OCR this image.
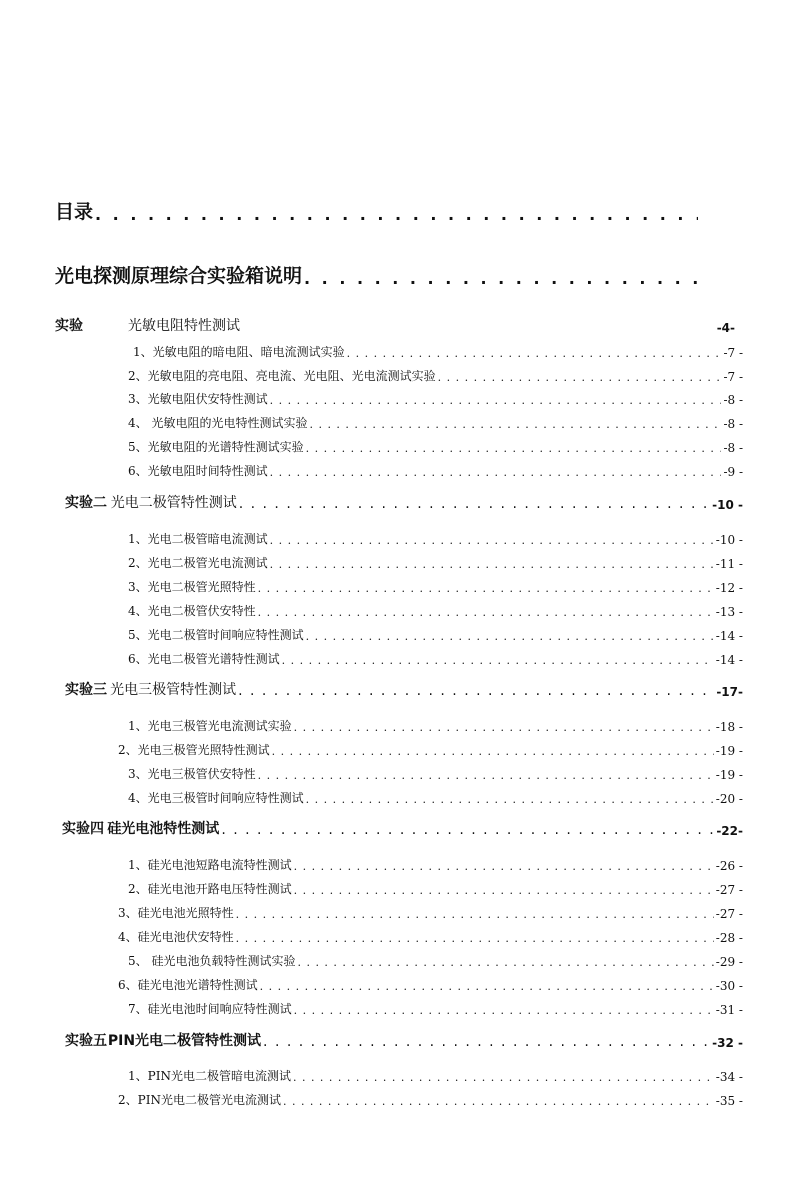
目录
. . .
光电探测原理综合实验箱说明
. . .
实验	光敏电阻特性测试	-4-
1、光敏电阻的暗电阻、暗电流测试实验 . . .	-7 -
2、光敏电阻的亮电阻、亮电流、光电阻、光电流测试实验 . . .	-7 -
3、光敏电阻伏安特性测试 . . .	-8 -
4、 光敏电阻的光电特性测试实验 . . .	-8 -
5、光敏电阻的光谱特性测试实验 . . .	-8 -
6、光敏电阻时间特性测试 . . .	-9 -
实验二 光电二极管特性测试 . . .	-10 -
1、光电二极管暗电流测试 . . .	-10 -
2、光电二极管光电流测试 . . .	-11 -
3、光电二极管光照特性 . . .	-12 -
4、光电二极管伏安特性 . . .	-13 -
5、光电二极管时间响应特性测试 . . .	-14 -
6、光电二极管光谱特性测试 . . .	-14 -
实验三 光电三极管特性测试 . . .	-17-
1、光电三极管光电流测试实验 . . .	-18 -
2、光电三极管光照特性测试 . . .	-19 -
3、光电三极管伏安特性 . . .	-19 -
4、光电三极管时间响应特性测试 . . .	-20 -
实验四 硅光电池特性测试 . . .	-22-
1、硅光电池短路电流特性测试 . . .	-26 -
2、硅光电池开路电压特性测试 . . .	-27 -
3、硅光电池光照特性 . . .	-27 -
4、硅光电池伏安特性 . . .	-28 -
5、 硅光电池负载特性测试实验 . . .	-29 -
6、硅光电池光谱特性测试 . . .	-30 -
7、硅光电池时间响应特性测试 . . .	-31 -
实验五 PIN光电二极管特性测试 . . .	-32 -
1、PIN光电二极管暗电流测试 . . .	-34 -
2、PIN光电二极管光电流测试 . . .	-35 -
